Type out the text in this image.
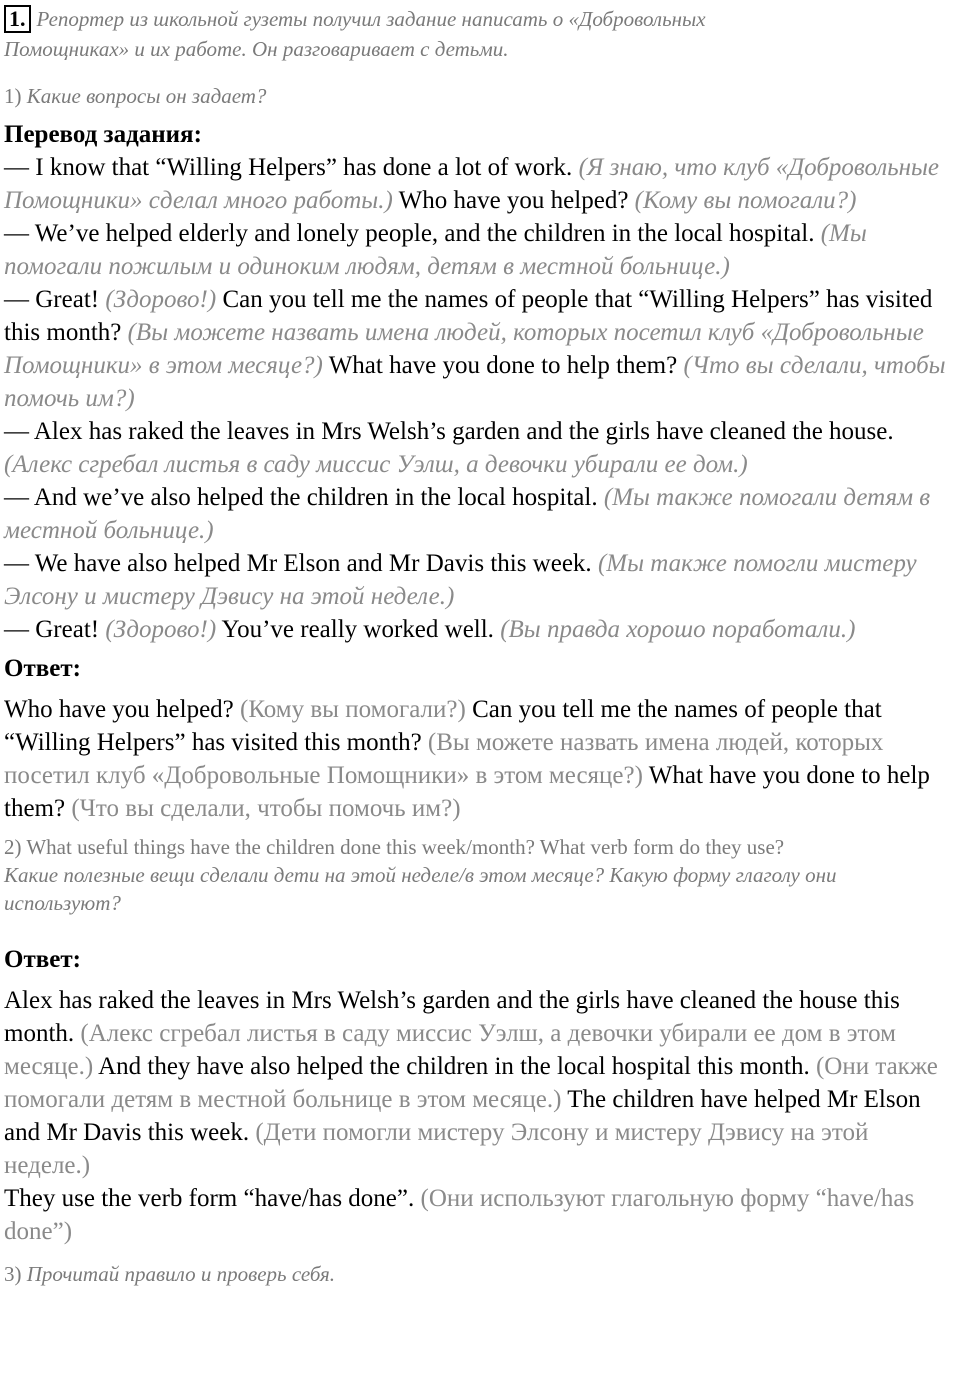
1. Репортер из школьной гузеты получил задание написать о «Добровольных
Помощниках» и их работе. Он разговаривает с детьми.

1) Какие вопросы он задает?

Перевод задания:

— I know that “Willing Helpers” has done a lot of work. (Я знаю, что клуб «Добровольные Помощники» сделал много работы.) Who have you helped? (Кому вы помогали?)
— We’ve helped elderly and lonely people, and the children in the local hospital. (Мы помогали пожилым и одиноким людям, детям в местной больнице.)
— Great! (Здорово!) Can you tell me the names of people that “Willing Helpers” has visited this month? (Вы можете назвать имена людей, которых посетил клуб «Добровольные Помощники» в этом месяце?) What have you done to help them? (Что вы сделали, чтобы помочь им?)
— Alex has raked the leaves in Mrs Welsh’s garden and the girls have cleaned the house. (Алекс сгребал листья в саду миссис Уэлш, а девочки убирали ее дом.)
— And we’ve also helped the children in the local hospital. (Мы также помогали детям в местной больнице.)
— We have also helped Mr Elson and Mr Davis this week. (Мы также помогли мистеру Элсону и мистеру Дэвису на этой неделе.)
— Great! (Здорово!) You’ve really worked well. (Вы правда хорошо поработали.)

Ответ:

Who have you helped? (Кому вы помогали?) Can you tell me the names of people that “Willing Helpers” has visited this month? (Вы можете назвать имена людей, которых посетил клуб «Добровольные Помощники» в этом месяце?) What have you done to help them? (Что вы сделали, чтобы помочь им?)

2) What useful things have the children done this week/month? What verb form do they use?
Какие полезные вещи сделали дети на этой неделе/в этом месяце? Какую форму глаголу они используют?

Ответ:

Alex has raked the leaves in Mrs Welsh’s garden and the girls have cleaned the house this month. (Алекс сгребал листья в саду миссис Уэлш, а девочки убирали ее дом в этом месяце.) And they have also helped the children in the local hospital this month. (Они также помогали детям в местной больнице в этом месяце.) The children have helped Mr Elson and Mr Davis this week. (Дети помогли мистеру Элсону и мистеру Дэвису на этой неделе.)
They use the verb form “have/has done”. (Они используют глагольную форму “have/has done”)

3) Прочитай правило и проверь себя.
